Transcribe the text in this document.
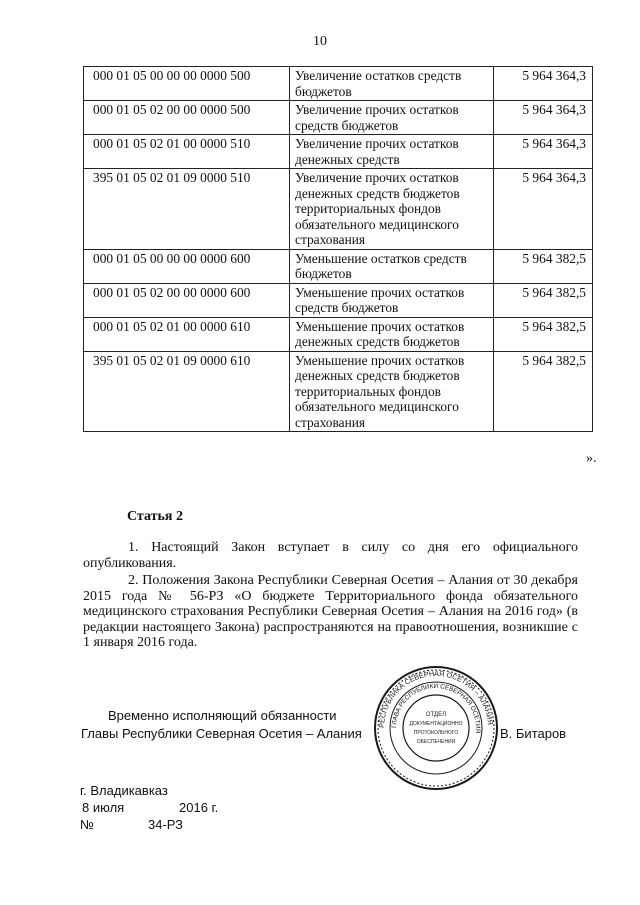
10
000 01 05 00 00 00 0000 500	Увеличение остатков средств бюджетов	5 964 364,3
000 01 05 02 00 00 0000 500	Увеличение прочих остатков средств бюджетов	5 964 364,3
000 01 05 02 01 00 0000 510	Увеличение прочих остатков денежных средств	5 964 364,3
395 01 05 02 01 09 0000 510	Увеличение прочих остатков денежных средств бюджетов территориальных фондов обязательного медицинского страхования	5 964 364,3
000 01 05 00 00 00 0000 600	Уменьшение остатков средств бюджетов	5 964 382,5
000 01 05 02 00 00 0000 600	Уменьшение прочих остатков средств бюджетов	5 964 382,5
000 01 05 02 01 00 0000 610	Уменьшение прочих остатков денежных средств бюджетов	5 964 382,5
395 01 05 02 01 09 0000 610	Уменьшение прочих остатков денежных средств бюджетов территориальных фондов обязательного медицинского страхования	5 964 382,5
».
Статья 2
1. Настоящий Закон вступает в силу со дня его официального опубликования.
2. Положения Закона Республики Северная Осетия – Алания от 30 декабря 2015 года № 56-РЗ «О бюджете Территориального фонда обязательного медицинского страхования Республики Северная Осетия – Алания на 2016 год» (в редакции настоящего Закона) распространяются на правоотношения, возникшие с 1 января 2016 года.
Временно исполняющий обязанности
Главы Республики Северная Осетия – Алания	В. Битаров
РЕСПУБЛИКА СЕВЕРНАЯ ОСЕТИЯ – АЛАНИЯ
ГЛАВА РЕСПУБЛИКИ СЕВЕРНАЯ ОСЕТИЯ
ОТДЕЛ
ДОКУМЕНТАЦИОННО
ПРОТОКОЛЬНОГО
ОБЕСПЕЧЕНИЯ
г. Владикавказ
8 июля	2016 г.
№	34-РЗ
